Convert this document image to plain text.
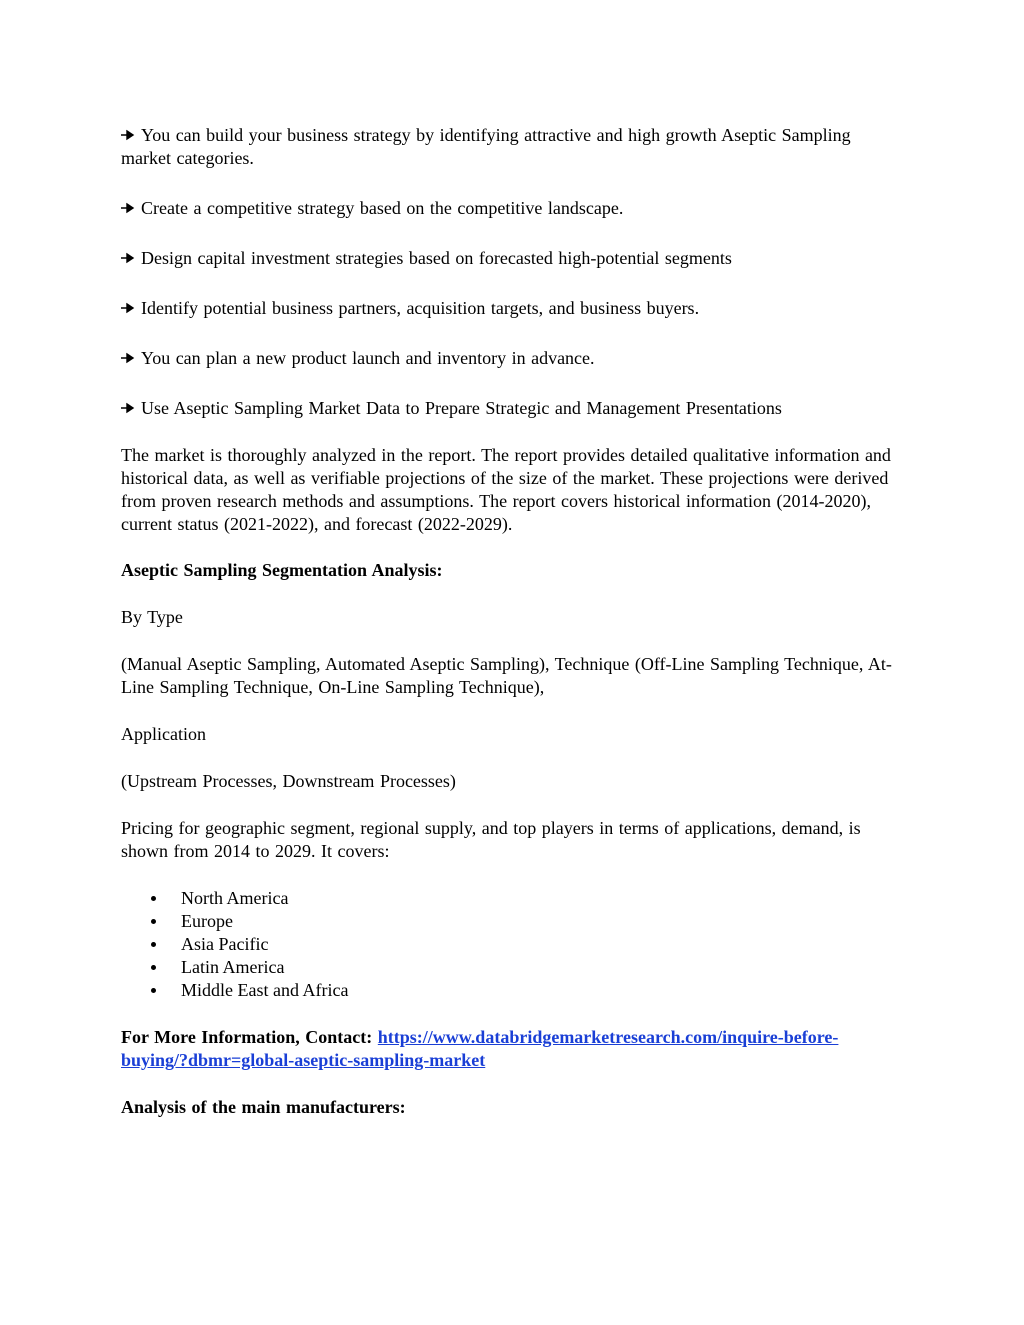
You can build your business strategy by identifying attractive and high growth Aseptic Sampling market categories.

Create a competitive strategy based on the competitive landscape.

Design capital investment strategies based on forecasted high-potential segments

Identify potential business partners, acquisition targets, and business buyers.

You can plan a new product launch and inventory in advance.

Use Aseptic Sampling Market Data to Prepare Strategic and Management Presentations

The market is thoroughly analyzed in the report. The report provides detailed qualitative information and historical data, as well as verifiable projections of the size of the market. These projections were derived from proven research methods and assumptions. The report covers historical information (2014-2020), current status (2021-2022), and forecast (2022-2029).

Aseptic Sampling Segmentation Analysis:

By Type

(Manual Aseptic Sampling, Automated Aseptic Sampling), Technique (Off-Line Sampling Technique, At-Line Sampling Technique, On-Line Sampling Technique),

Application

(Upstream Processes, Downstream Processes)

Pricing for geographic segment, regional supply, and top players in terms of applications, demand, is shown from 2014 to 2029. It covers:

North America
Europe
Asia Pacific
Latin America
Middle East and Africa

For More Information, Contact: https://www.databridgemarketresearch.com/inquire-before-buying/?dbmr=global-aseptic-sampling-market

Analysis of the main manufacturers:
